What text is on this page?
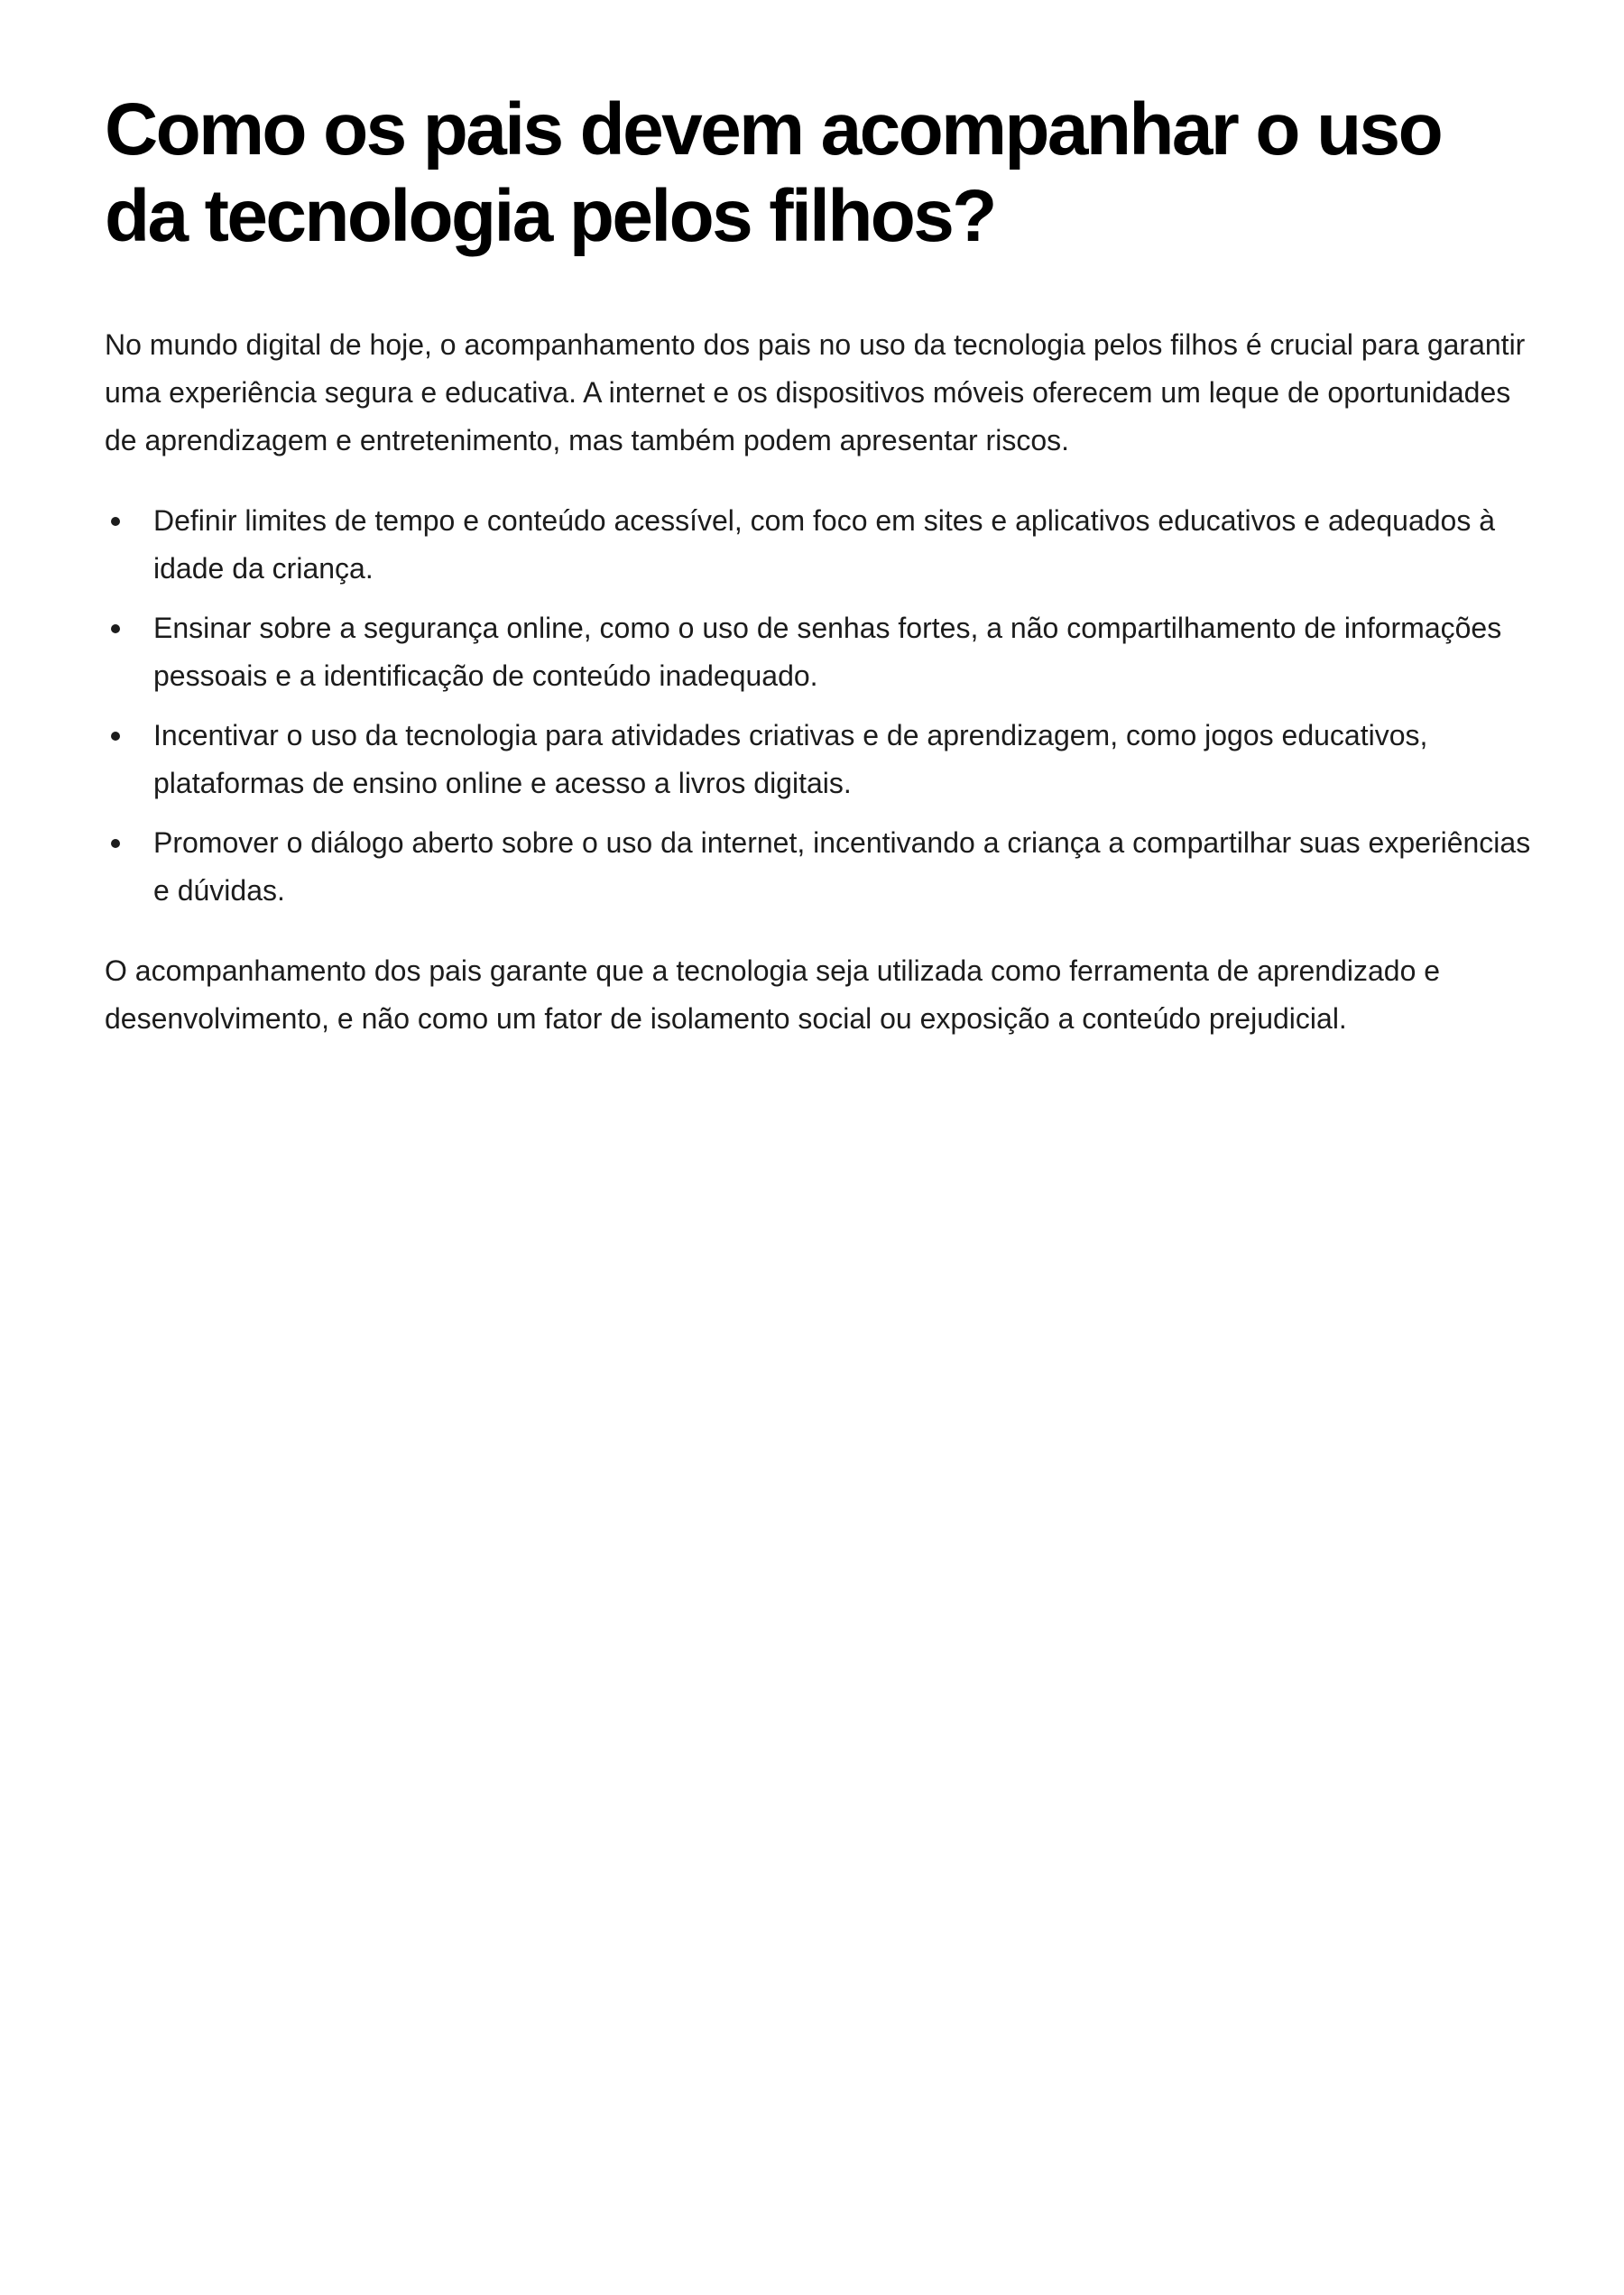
Como os pais devem acompanhar o uso da tecnologia pelos filhos?

No mundo digital de hoje, o acompanhamento dos pais no uso da tecnologia pelos filhos é crucial para garantir uma experiência segura e educativa. A internet e os dispositivos móveis oferecem um leque de oportunidades de aprendizagem e entretenimento, mas também podem apresentar riscos.

Definir limites de tempo e conteúdo acessível, com foco em sites e aplicativos educativos e adequados à idade da criança.
Ensinar sobre a segurança online, como o uso de senhas fortes, a não compartilhamento de informações pessoais e a identificação de conteúdo inadequado.
Incentivar o uso da tecnologia para atividades criativas e de aprendizagem, como jogos educativos, plataformas de ensino online e acesso a livros digitais.
Promover o diálogo aberto sobre o uso da internet, incentivando a criança a compartilhar suas experiências e dúvidas.

O acompanhamento dos pais garante que a tecnologia seja utilizada como ferramenta de aprendizado e desenvolvimento, e não como um fator de isolamento social ou exposição a conteúdo prejudicial.
